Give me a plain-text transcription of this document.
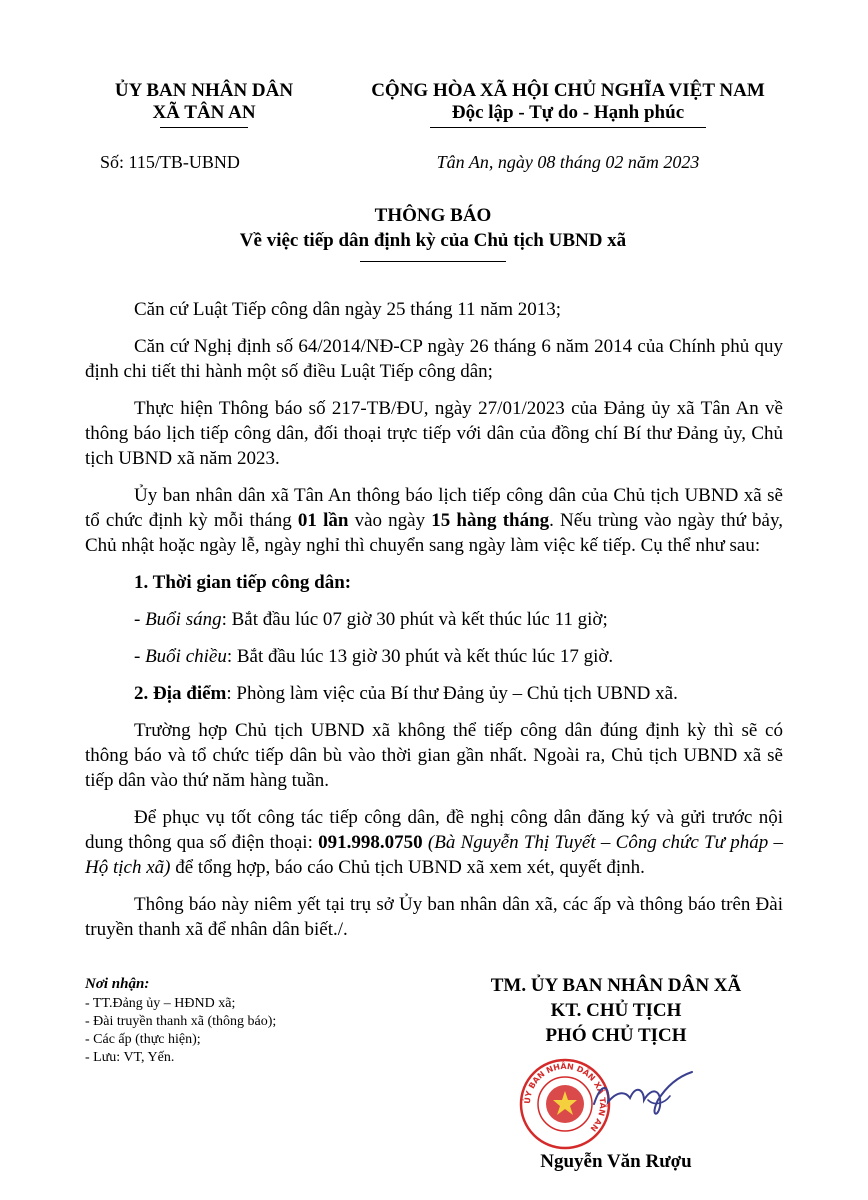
ỦY BAN NHÂN DÂN
XÃ TÂN AN
CỘNG HÒA XÃ HỘI CHỦ NGHĨA VIỆT NAM
Độc lập - Tự do - Hạnh phúc
Số: 115/TB-UBND	Tân An, ngày 08 tháng 02 năm 2023
THÔNG BÁO
Về việc tiếp dân định kỳ của Chủ tịch UBND xã

Căn cứ Luật Tiếp công dân ngày 25 tháng 11 năm 2013;

Căn cứ Nghị định số 64/2014/NĐ-CP ngày 26 tháng 6 năm 2014 của Chính phủ quy định chi tiết thi hành một số điều Luật Tiếp công dân;

Thực hiện Thông báo số 217-TB/ĐU, ngày 27/01/2023 của Đảng ủy xã Tân An về thông báo lịch tiếp công dân, đối thoại trực tiếp với dân của đồng chí Bí thư Đảng ủy, Chủ tịch UBND xã năm 2023.

Ủy ban nhân dân xã Tân An thông báo lịch tiếp công dân của Chủ tịch UBND xã sẽ tổ chức định kỳ mỗi tháng 01 lần vào ngày 15 hàng tháng. Nếu trùng vào ngày thứ bảy, Chủ nhật hoặc ngày lễ, ngày nghỉ thì chuyển sang ngày làm việc kế tiếp. Cụ thể như sau:

1. Thời gian tiếp công dân:

- Buổi sáng: Bắt đầu lúc 07 giờ 30 phút và kết thúc lúc 11 giờ;

- Buổi chiều: Bắt đầu lúc 13 giờ 30 phút và kết thúc lúc 17 giờ.

2. Địa điểm: Phòng làm việc của Bí thư Đảng ủy – Chủ tịch UBND xã.

Trường hợp Chủ tịch UBND xã không thể tiếp công dân đúng định kỳ thì sẽ có thông báo và tổ chức tiếp dân bù vào thời gian gần nhất. Ngoài ra, Chủ tịch UBND xã sẽ tiếp dân vào thứ năm hàng tuần.

Để phục vụ tốt công tác tiếp công dân, đề nghị công dân đăng ký và gửi trước nội dung thông qua số điện thoại: 091.998.0750 (Bà Nguyễn Thị Tuyết – Công chức Tư pháp – Hộ tịch xã) để tổng hợp, báo cáo Chủ tịch UBND xã xem xét, quyết định.

Thông báo này niêm yết tại trụ sở Ủy ban nhân dân xã, các ấp và thông báo trên Đài truyền thanh xã để nhân dân biết./.

Nơi nhận:
- TT.Đảng ủy – HĐND xã;
- Đài truyền thanh xã (thông báo);
- Các ấp (thực hiện);
- Lưu: VT, Yến.
TM. ỦY BAN NHÂN DÂN XÃ
KT. CHỦ TỊCH
PHÓ CHỦ TỊCH
ỦY BAN NHÂN DÂN XÃ TÂN AN
Nguyễn Văn Rượu
